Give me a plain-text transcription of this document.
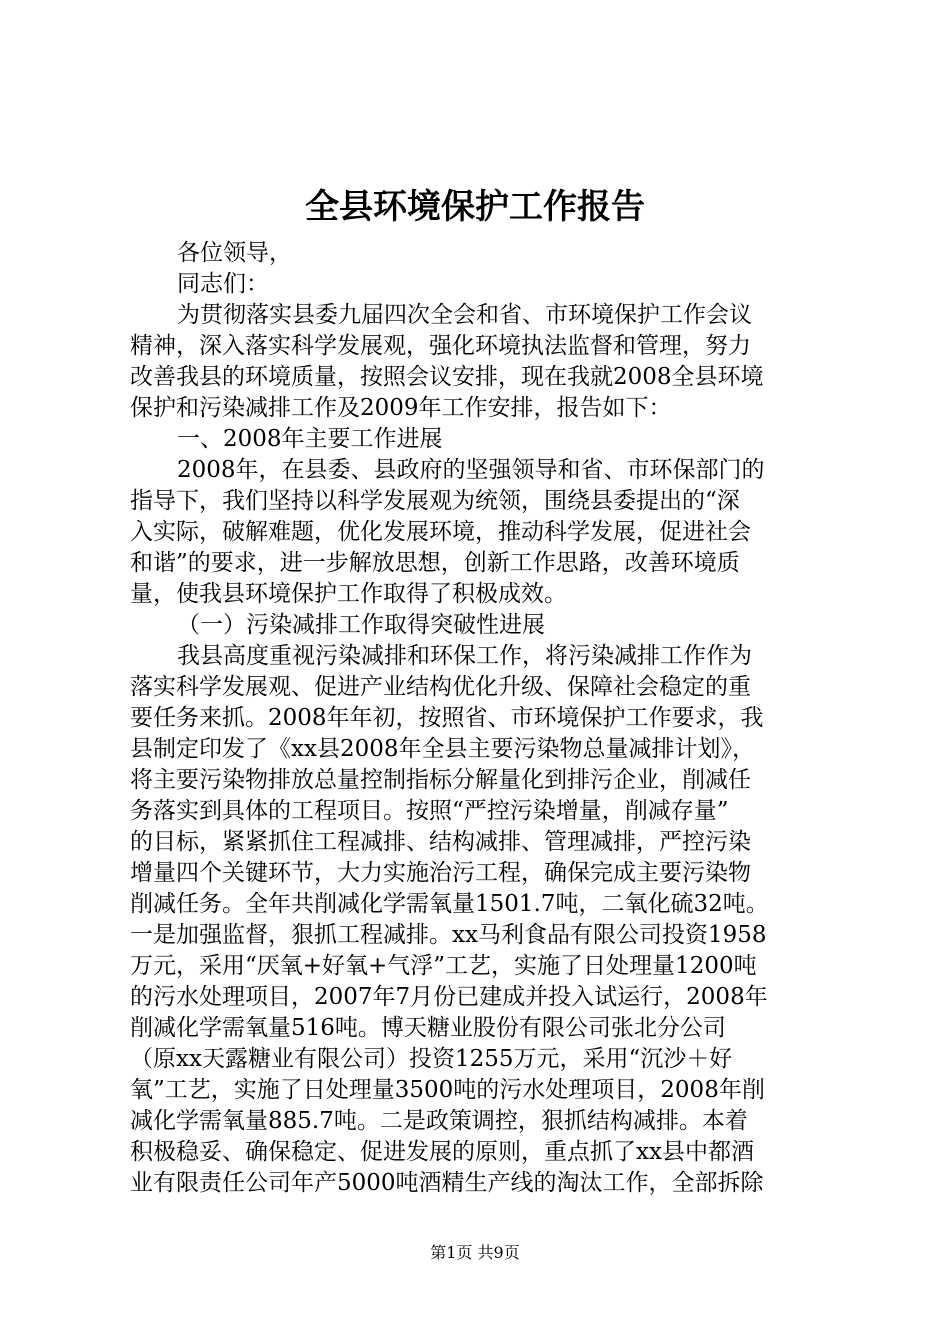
全县环境保护工作报告
各位领导，
同志们：
为贯彻落实县委九届四次全会和省、市环境保护工作会议
精神，深入落实科学发展观，强化环境执法监督和管理，努力
改善我县的环境质量，按照会议安排，现在我就2008全县环境
保护和污染减排工作及2009年工作安排，报告如下：
一、2008年主要工作进展
2008年，在县委、县政府的坚强领导和省、市环保部门的
指导下，我们坚持以科学发展观为统领，围绕县委提出的“深
入实际，破解难题，优化发展环境，推动科学发展，促进社会
和谐”的要求，进一步解放思想，创新工作思路，改善环境质
量，使我县环境保护工作取得了积极成效。
（一）污染减排工作取得突破性进展
我县高度重视污染减排和环保工作，将污染减排工作作为
落实科学发展观、促进产业结构优化升级、保障社会稳定的重
要任务来抓。2008年年初，按照省、市环境保护工作要求，我
县制定印发了《xx县2008年全县主要污染物总量减排计划》，
将主要污染物排放总量控制指标分解量化到排污企业，削减任
务落实到具体的工程项目。按照“严控污染增量，削减存量”
的目标，紧紧抓住工程减排、结构减排、管理减排，严控污染
增量四个关键环节，大力实施治污工程，确保完成主要污染物
削减任务。全年共削减化学需氧量1501.7吨，二氧化硫32吨。
一是加强监督，狠抓工程减排。xx马利食品有限公司投资1958
万元，采用“厌氧+好氧+气浮”工艺，实施了日处理量1200吨
的污水处理项目，2007年7月份已建成并投入试运行，2008年
削减化学需氧量516吨。博天糖业股份有限公司张北分公司
（原xx天露糖业有限公司）投资1255万元，采用“沉沙＋好
氧”工艺，实施了日处理量3500吨的污水处理项目，2008年削
减化学需氧量885.7吨。二是政策调控，狠抓结构减排。本着
积极稳妥、确保稳定、促进发展的原则，重点抓了xx县中都酒
业有限责任公司年产5000吨酒精生产线的淘汰工作，全部拆除
第1页 共9页
